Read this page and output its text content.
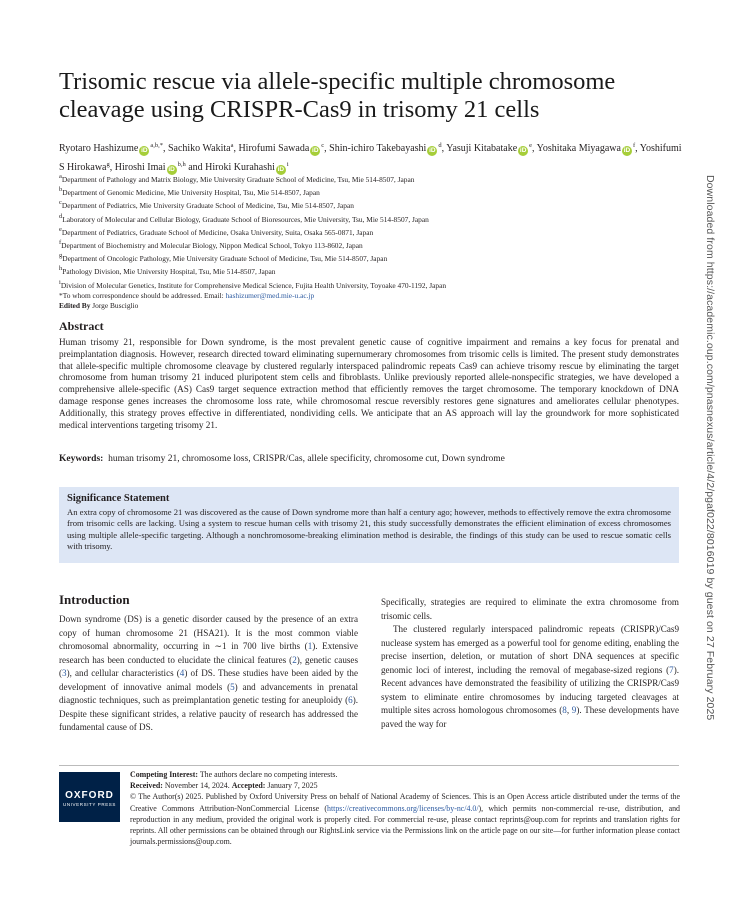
Downloaded from https://academic.oup.com/pnasnexus/article/4/2/pgaf022/8016019 by guest on 27 February 2025
Trisomic rescue via allele-specific multiple chromosome cleavage using CRISPR-Cas9 in trisomy 21 cells
Ryotaro Hashizume iD$^{a,b,*}$, Sachiko Wakita$^a$, Hirofumi Sawada iD$^c$, Shin-ichiro Takebayashi iD$^d$, Yasuji Kitabatake iD$^e$, Yoshitaka Miyagawa iD$^f$, Yoshifumi S Hirokawa$^g$, Hiroshi Imai iD$^{b,h}$ and Hiroki Kurahashi iD$^i$
$^a$Department of Pathology and Matrix Biology, Mie University Graduate School of Medicine, Tsu, Mie 514-8507, Japan
$^b$Department of Genomic Medicine, Mie University Hospital, Tsu, Mie 514-8507, Japan
$^c$Department of Pediatrics, Mie University Graduate School of Medicine, Tsu, Mie 514-8507, Japan
$^d$Laboratory of Molecular and Cellular Biology, Graduate School of Bioresources, Mie University, Tsu, Mie 514-8507, Japan
$^e$Department of Pediatrics, Graduate School of Medicine, Osaka University, Suita, Osaka 565-0871, Japan
$^f$Department of Biochemistry and Molecular Biology, Nippon Medical School, Tokyo 113-8602, Japan
$^g$Department of Oncologic Pathology, Mie University Graduate School of Medicine, Tsu, Mie 514-8507, Japan
$^h$Pathology Division, Mie University Hospital, Tsu, Mie 514-8507, Japan
$^i$Division of Molecular Genetics, Institute for Comprehensive Medical Science, Fujita Health University, Toyoake 470-1192, Japan
*To whom correspondence should be addressed. Email: hashizumer@med.mie-u.ac.jp
Edited By Jorge Busciglio
Abstract

Human trisomy 21, responsible for Down syndrome, is the most prevalent genetic cause of cognitive impairment and remains a key focus for prenatal and preimplantation diagnosis. However, research directed toward eliminating supernumerary chromosomes from trisomic cells is limited. The present study demonstrates that allele-specific multiple chromosome cleavage by clustered regularly interspaced palindromic repeats Cas9 can achieve trisomy rescue by eliminating the target chromosome from human trisomy 21 induced pluripotent stem cells and fibroblasts. Unlike previously reported allele-nonspecific strategies, we have developed a comprehensive allele-specific (AS) Cas9 target sequence extraction method that efficiently removes the target chromosome. The temporary knockdown of DNA damage response genes increases the chromosome loss rate, while chromosomal rescue reversibly restores gene signatures and ameliorates cellular phenotypes. Additionally, this strategy proves effective in differentiated, nondividing cells. We anticipate that an AS approach will lay the groundwork for more sophisticated medical interventions targeting trisomy 21.

Keywords: human trisomy 21, chromosome loss, CRISPR/Cas, allele specificity, chromosome cut, Down syndrome
Significance Statement
An extra copy of chromosome 21 was discovered as the cause of Down syndrome more than half a century ago; however, methods to effectively remove the extra chromosome from trisomic cells are lacking. Using a system to rescue human cells with trisomy 21, this study successfully demonstrates the efficient elimination of excess chromosomes using multiple allele-specific targeting. Although a nonchromosome-breaking elimination method is desirable, the findings of this study can be used to rescue somatic cells with trisomy.
Introduction

Down syndrome (DS) is a genetic disorder caused by the presence of an extra copy of human chromosome 21 (HSA21). It is the most common viable chromosomal abnormality, occurring in ∼1 in 700 live births (1). Extensive research has been conducted to elucidate the clinical features (2), genetic causes (3), and cellular characteristics (4) of DS. These studies have been aided by the development of innovative animal models (5) and advancements in prenatal diagnostic techniques, such as preimplantation genetic testing for aneuploidy (6). Despite these significant strides, a relative paucity of research has addressed the fundamental cause of DS.

Specifically, strategies are required to eliminate the extra chromosome from trisomic cells.

The clustered regularly interspaced palindromic repeats (CRISPR)/Cas9 nuclease system has emerged as a powerful tool for genome editing, enabling the precise insertion, deletion, or mutation of short DNA sequences at specific genomic loci of interest, including the removal of megabase-sized regions (7). Recent advances have demonstrated the feasibility of utilizing the CRISPR/Cas9 system to eliminate entire chromosomes by inducing targeted cleavages at multiple sites across homologous chromosomes (8, 9). These developments have paved the way for

OXFORD
UNIVERSITY PRESS
Competing Interest: The authors declare no competing interests.
Received: November 14, 2024. Accepted: January 7, 2025
© The Author(s) 2025. Published by Oxford University Press on behalf of National Academy of Sciences. This is an Open Access article distributed under the terms of the Creative Commons Attribution-NonCommercial License (https://creativecommons.org/licenses/by-nc/4.0/), which permits non-commercial re-use, distribution, and reproduction in any medium, provided the original work is properly cited. For commercial re-use, please contact reprints@oup.com for reprints and translation rights for reprints. All other permissions can be obtained through our RightsLink service via the Permissions link on the article page on our site—for further information please contact journals.permissions@oup.com.
